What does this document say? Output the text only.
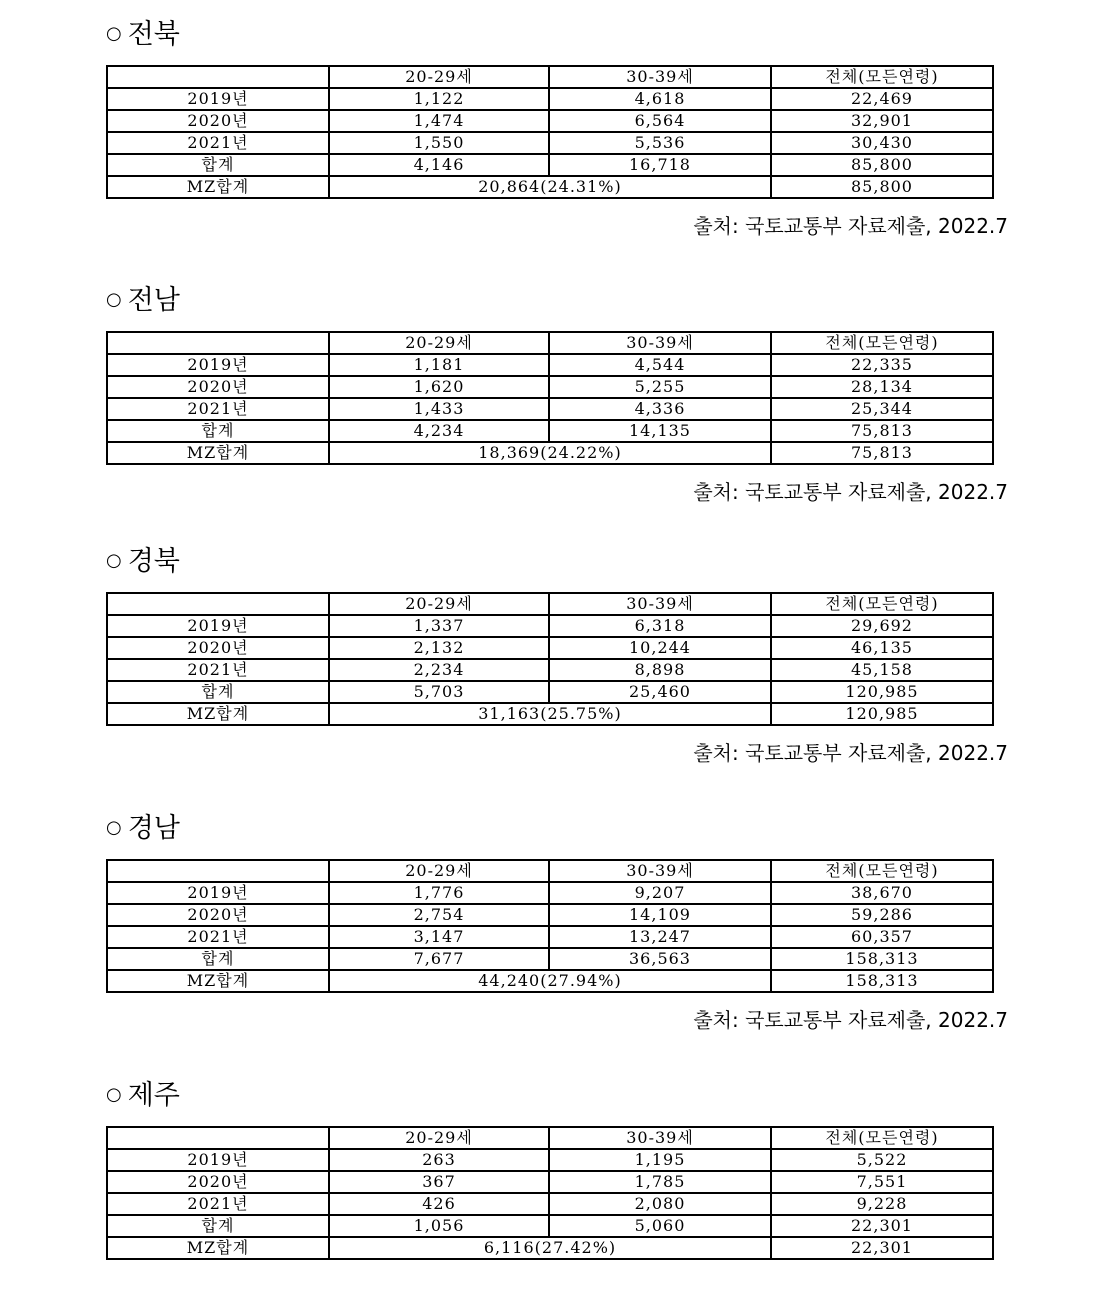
○ 전북
	20-29세	30-39세	전체(모든연령)
2019년	1,122	4,618	22,469
2020년	1,474	6,564	32,901
2021년	1,550	5,536	30,430
합계	4,146	16,718	85,800
MZ합계	20,864(24.31%)		85,800
출처: 국토교통부 자료제출, 2022.7
○ 전남
	20-29세	30-39세	전체(모든연령)
2019년	1,181	4,544	22,335
2020년	1,620	5,255	28,134
2021년	1,433	4,336	25,344
합계	4,234	14,135	75,813
MZ합계	18,369(24.22%)		75,813
출처: 국토교통부 자료제출, 2022.7
○ 경북
	20-29세	30-39세	전체(모든연령)
2019년	1,337	6,318	29,692
2020년	2,132	10,244	46,135
2021년	2,234	8,898	45,158
합계	5,703	25,460	120,985
MZ합계	31,163(25.75%)		120,985
출처: 국토교통부 자료제출, 2022.7
○ 경남
	20-29세	30-39세	전체(모든연령)
2019년	1,776	9,207	38,670
2020년	2,754	14,109	59,286
2021년	3,147	13,247	60,357
합계	7,677	36,563	158,313
MZ합계	44,240(27.94%)		158,313
출처: 국토교통부 자료제출, 2022.7
○ 제주
	20-29세	30-39세	전체(모든연령)
2019년	263	1,195	5,522
2020년	367	1,785	7,551
2021년	426	2,080	9,228
합계	1,056	5,060	22,301
MZ합계	6,116(27.42%)		22,301
